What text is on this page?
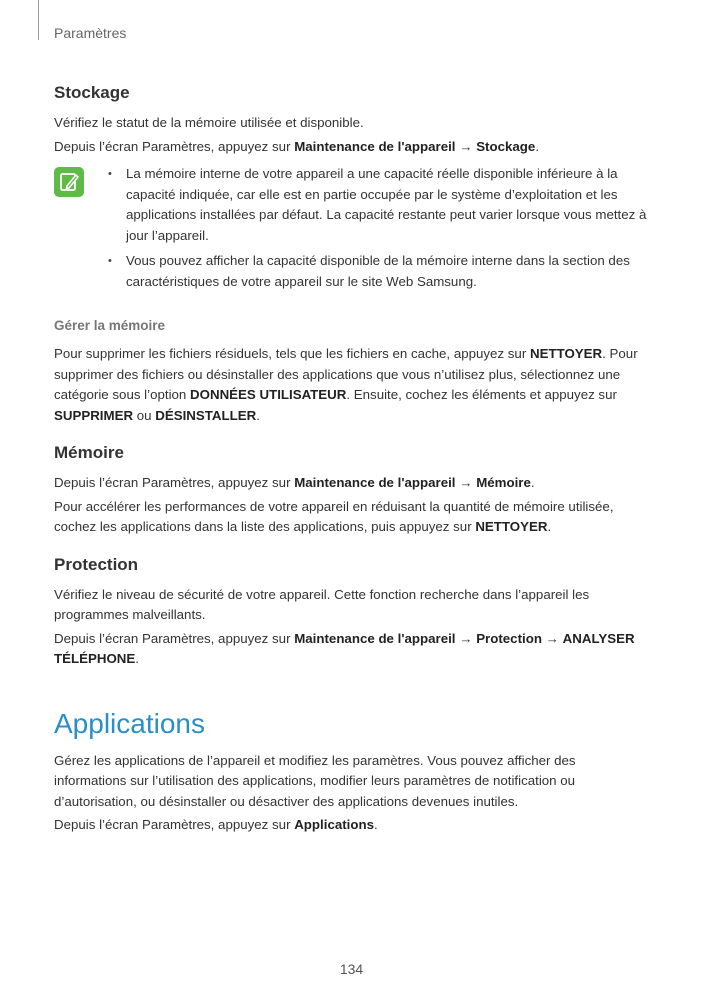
Paramètres
Stockage

Vérifiez le statut de la mémoire utilisée et disponible.

Depuis l’écran Paramètres, appuyez sur Maintenance de l'appareil → Stockage.

• La mémoire interne de votre appareil a une capacité réelle disponible inférieure à la capacité indiquée, car elle est en partie occupée par le système d’exploitation et les applications installées par défaut. La capacité restante peut varier lorsque vous mettez à jour l’appareil.
• Vous pouvez afficher la capacité disponible de la mémoire interne dans la section des caractéristiques de votre appareil sur le site Web Samsung.
Gérer la mémoire

Pour supprimer les fichiers résiduels, tels que les fichiers en cache, appuyez sur NETTOYER. Pour supprimer des fichiers ou désinstaller des applications que vous n’utilisez plus, sélectionnez une catégorie sous l’option DONNÉES UTILISATEUR. Ensuite, cochez les éléments et appuyez sur SUPPRIMER ou DÉSINSTALLER.

Mémoire

Depuis l’écran Paramètres, appuyez sur Maintenance de l'appareil → Mémoire.

Pour accélérer les performances de votre appareil en réduisant la quantité de mémoire utilisée, cochez les applications dans la liste des applications, puis appuyez sur NETTOYER.

Protection

Vérifiez le niveau de sécurité de votre appareil. Cette fonction recherche dans l’appareil les programmes malveillants.

Depuis l’écran Paramètres, appuyez sur Maintenance de l'appareil → Protection → ANALYSER TÉLÉPHONE.

Applications

Gérez les applications de l’appareil et modifiez les paramètres. Vous pouvez afficher des informations sur l’utilisation des applications, modifier leurs paramètres de notification ou d’autorisation, ou désinstaller ou désactiver des applications devenues inutiles.

Depuis l’écran Paramètres, appuyez sur Applications.

134
